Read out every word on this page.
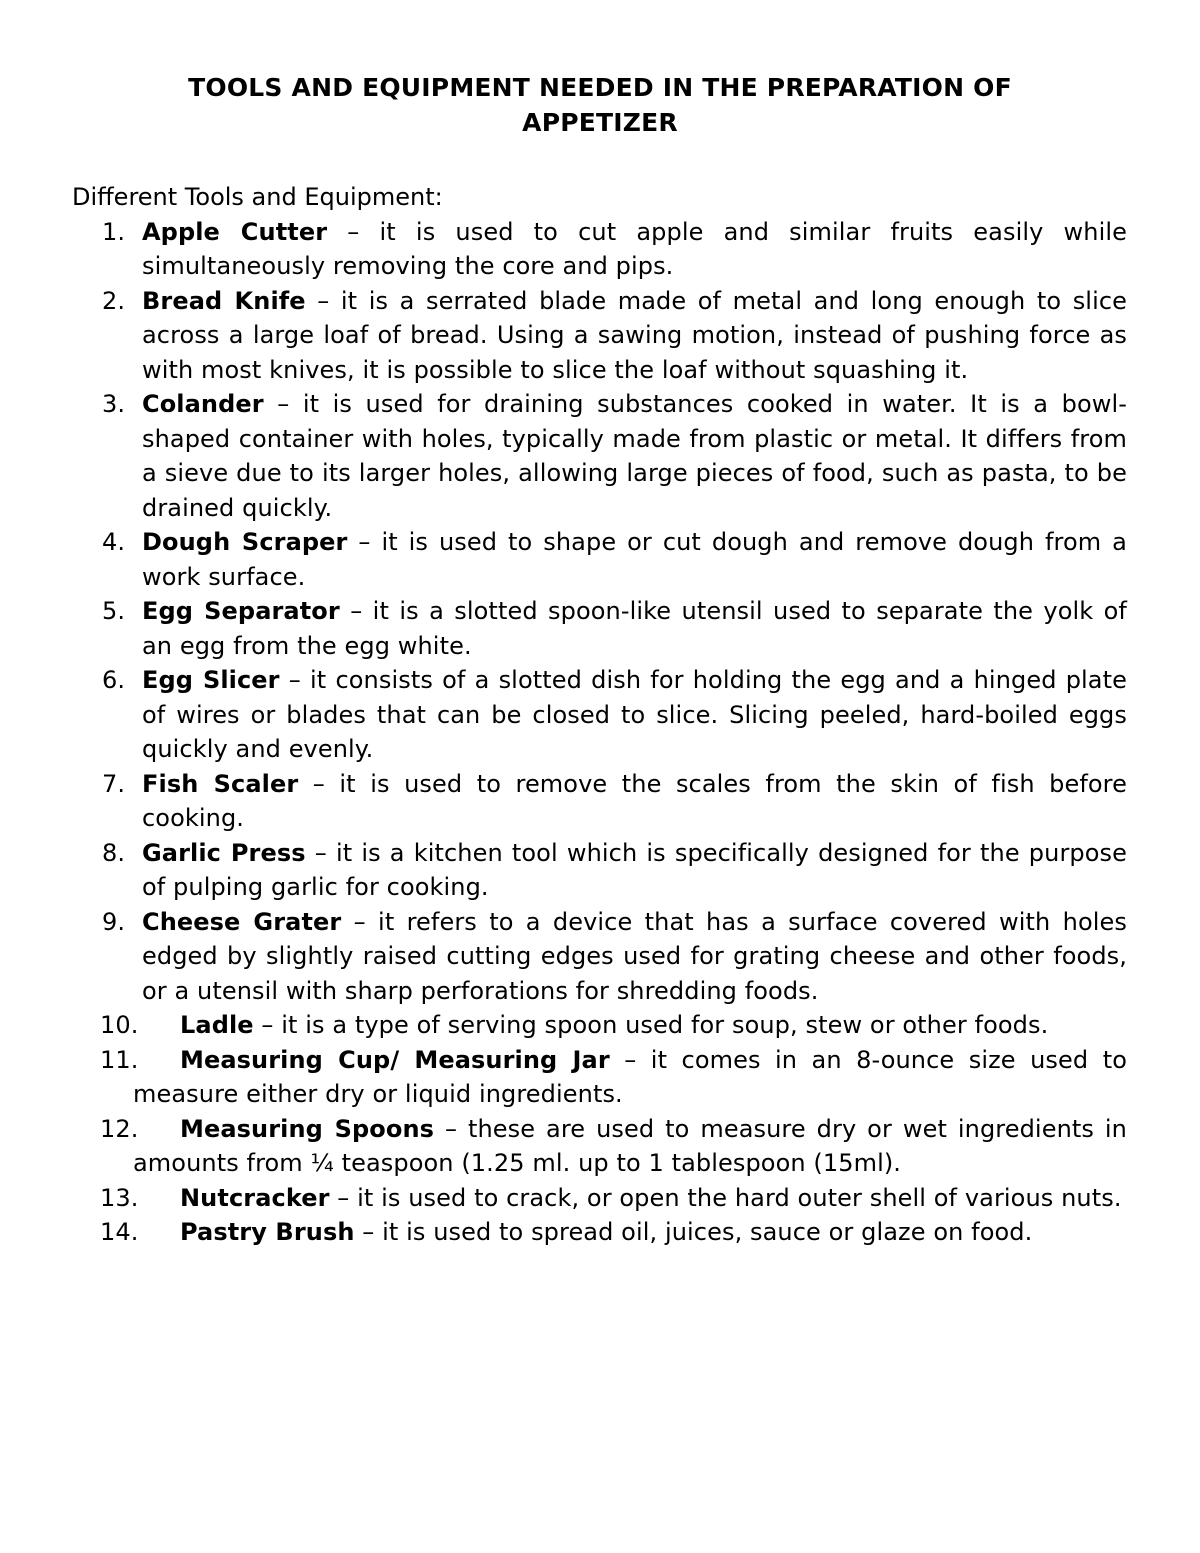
TOOLS AND EQUIPMENT NEEDED IN THE PREPARATION OF
APPETIZER

Different Tools and Equipment:

1. Apple Cutter – it is used to cut apple and similar fruits easily while simultaneously removing the core and pips.
2. Bread Knife – it is a serrated blade made of metal and long enough to slice across a large loaf of bread. Using a sawing motion, instead of pushing force as with most knives, it is possible to slice the loaf without squashing it.
3. Colander – it is used for draining substances cooked in water. It is a bowl-shaped container with holes, typically made from plastic or metal. It differs from a sieve due to its larger holes, allowing large pieces of food, such as pasta, to be drained quickly.
4. Dough Scraper – it is used to shape or cut dough and remove dough from a work surface.
5. Egg Separator – it is a slotted spoon-like utensil used to separate the yolk of an egg from the egg white.
6. Egg Slicer – it consists of a slotted dish for holding the egg and a hinged plate of wires or blades that can be closed to slice. Slicing peeled, hard-boiled eggs quickly and evenly.
7. Fish Scaler – it is used to remove the scales from the skin of fish before cooking.
8. Garlic Press – it is a kitchen tool which is specifically designed for the purpose of pulping garlic for cooking.
9. Cheese Grater – it refers to a device that has a surface covered with holes edged by slightly raised cutting edges used for grating cheese and other foods, or a utensil with sharp perforations for shredding foods.
10. Ladle – it is a type of serving spoon used for soup, stew or other foods.
11. Measuring Cup/ Measuring Jar – it comes in an 8-ounce size used to measure either dry or liquid ingredients.
12. Measuring Spoons – these are used to measure dry or wet ingredients in amounts from ¼ teaspoon (1.25 ml. up to 1 tablespoon (15ml).
13. Nutcracker – it is used to crack, or open the hard outer shell of various nuts.
14. Pastry Brush – it is used to spread oil, juices, sauce or glaze on food.
